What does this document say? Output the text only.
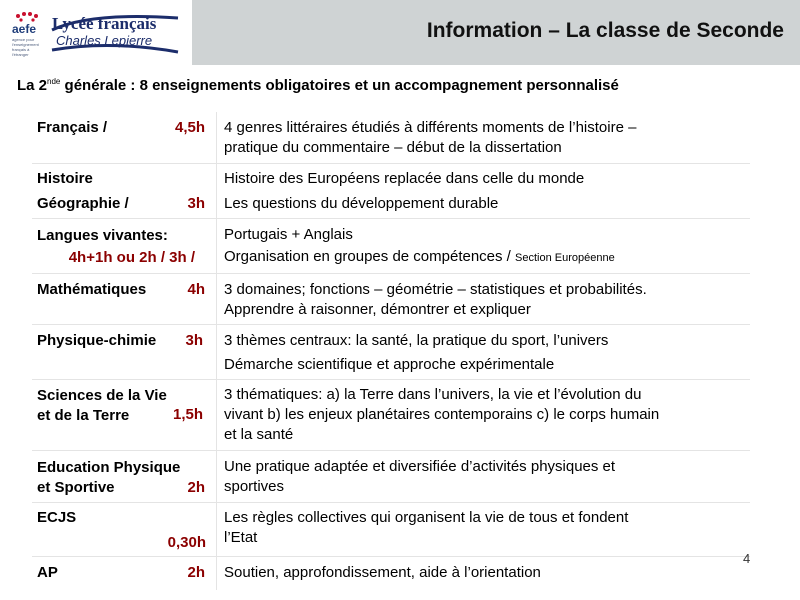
aefe
agence pour l'enseignement français à l'étranger
Lycée français
Charles Lepierre	Information – La classe de Seconde
La 2nde générale : 8 enseignements obligatoires et un accompagnement personnalisé
Français /	4,5h 4 genres littéraires étudiés à différents moments de l’histoire –
pratique du commentaire – début de la dissertation
Histoire	Histoire des Européens replacée dans celle du monde
Géographie /	3h Les questions du développement durable
Langues vivantes:
4h+1h ou 2h / 3h /
Portugais + Anglais
Organisation en groupes de compétences / Section Européenne
Mathématiques	4h 3 domaines; fonctions – géométrie – statistiques et probabilités.
Apprendre à raisonner, démontrer et expliquer
Physique-chimie	3h 3 thèmes centraux: la santé, la pratique du sport, l’univers
Démarche scientifique et approche expérimentale
Sciences de la Vie
et de la Terre	1,5h
3 thématiques: a) la Terre dans l’univers, la vie et l’évolution du
vivant b) les enjeux planétaires contemporains c) le corps humain
et la santé
Education Physique
et Sportive	2h
Une pratique adaptée et diversifiée d’activités physiques et
sportives
ECJS
0,30h
Les règles collectives qui organisent la vie de tous et fondent
l’Etat
AP	2h Soutien, approfondissement, aide à l’orientation
4
